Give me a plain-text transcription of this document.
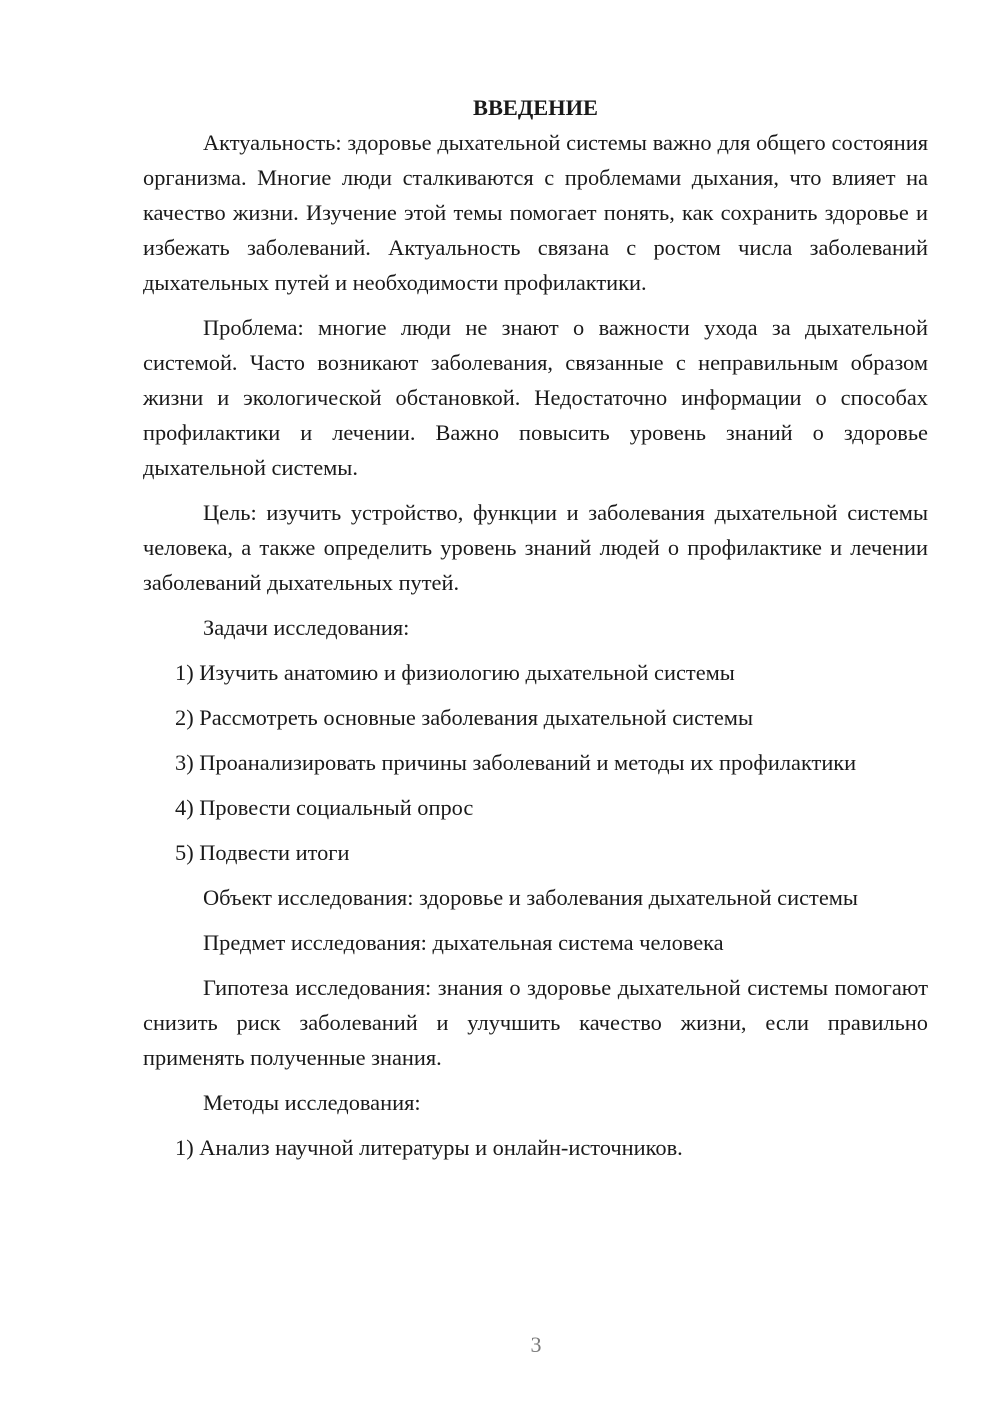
ВВЕДЕНИЕ

Актуальность: здоровье дыхательной системы важно для общего состояния организма. Многие люди сталкиваются с проблемами дыхания, что влияет на качество жизни. Изучение этой темы помогает понять, как сохранить здоровье и избежать заболеваний. Актуальность связана с ростом числа заболеваний дыхательных путей и необходимости профилактики.

Проблема: многие люди не знают о важности ухода за дыхательной системой. Часто возникают заболевания, связанные с неправильным образом жизни и экологической обстановкой. Недостаточно информации о способах профилактики и лечении. Важно повысить уровень знаний о здоровье дыхательной системы.

Цель: изучить устройство, функции и заболевания дыхательной системы человека, а также определить уровень знаний людей о профилактике и лечении заболеваний дыхательных путей.

Задачи исследования:

1) Изучить анатомию и физиологию дыхательной системы

2) Рассмотреть основные заболевания дыхательной системы

3) Проанализировать причины заболеваний и методы их профилактики

4) Провести социальный опрос

5) Подвести итоги

Объект исследования: здоровье и заболевания дыхательной системы

Предмет исследования: дыхательная система человека

Гипотеза исследования: знания о здоровье дыхательной системы помогают снизить риск заболеваний и улучшить качество жизни, если правильно применять полученные знания.

Методы исследования:

1) Анализ научной литературы и онлайн-источников.

3
